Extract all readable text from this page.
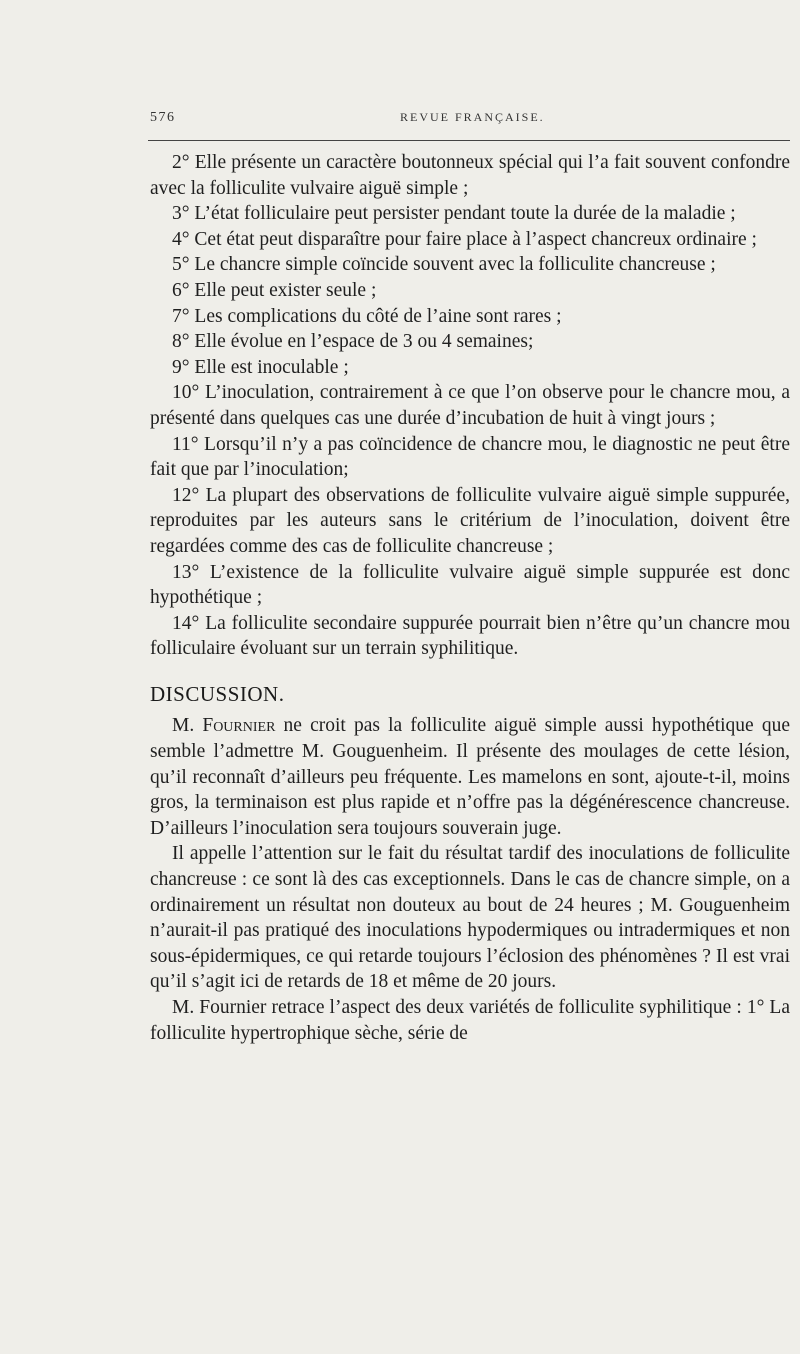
576	REVUE FRANÇAISE.

2° Elle présente un caractère boutonneux spécial qui l’a fait souvent confondre avec la folliculite vulvaire aiguë simple ;

3° L’état folliculaire peut persister pendant toute la durée de la maladie ;

4° Cet état peut disparaître pour faire place à l’aspect chancreux ordinaire ;

5° Le chancre simple coïncide souvent avec la folliculite chancreuse ;

6° Elle peut exister seule ;

7° Les complications du côté de l’aine sont rares ;

8° Elle évolue en l’espace de 3 ou 4 semaines;

9° Elle est inoculable ;

10° L’inoculation, contrairement à ce que l’on observe pour le chancre mou, a présenté dans quelques cas une durée d’incubation de huit à vingt jours ;

11° Lorsqu’il n’y a pas coïncidence de chancre mou, le diagnostic ne peut être fait que par l’inoculation;

12° La plupart des observations de folliculite vulvaire aiguë simple suppurée, reproduites par les auteurs sans le critérium de l’inoculation, doivent être regardées comme des cas de folliculite chancreuse ;

13° L’existence de la folliculite vulvaire aiguë simple suppurée est donc hypothétique ;

14° La folliculite secondaire suppurée pourrait bien n’être qu’un chancre mou folliculaire évoluant sur un terrain syphilitique.

DISCUSSION.

M. Fournier ne croit pas la folliculite aiguë simple aussi hypothétique que semble l’admettre M. Gouguenheim. Il présente des moulages de cette lésion, qu’il reconnaît d’ailleurs peu fréquente. Les mamelons en sont, ajoute-t-il, moins gros, la terminaison est plus rapide et n’offre pas la dégénérescence chancreuse. D’ailleurs l’inoculation sera toujours souverain juge.

Il appelle l’attention sur le fait du résultat tardif des inoculations de folliculite chancreuse : ce sont là des cas exceptionnels. Dans le cas de chancre simple, on a ordinairement un résultat non douteux au bout de 24 heures ; M. Gouguenheim n’aurait-il pas pratiqué des inoculations hypodermiques ou intradermiques et non sous-épidermiques, ce qui retarde toujours l’éclosion des phénomènes ? Il est vrai qu’il s’agit ici de retards de 18 et même de 20 jours.

M. Fournier retrace l’aspect des deux variétés de folliculite syphilitique : 1° La folliculite hypertrophique sèche, série de
